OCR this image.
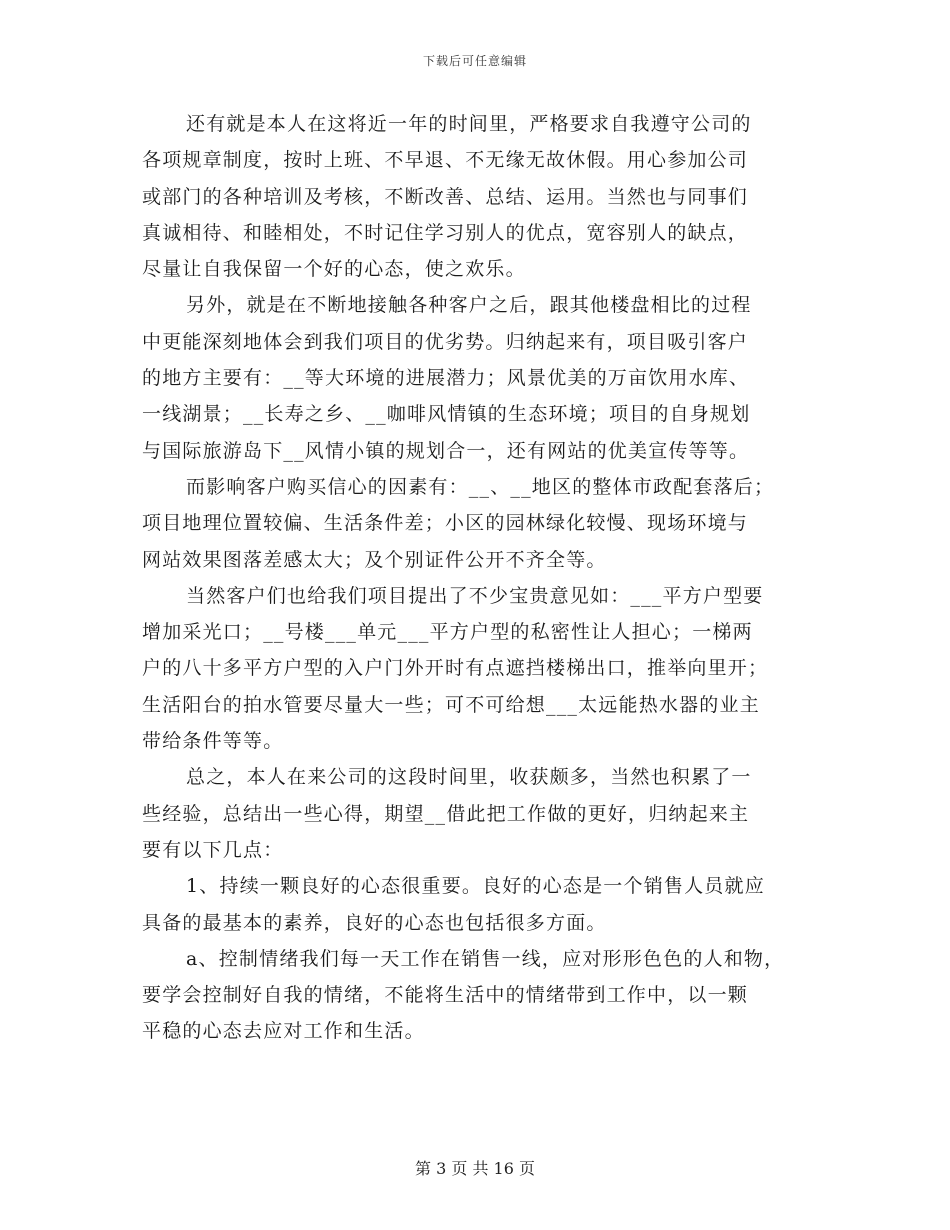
下载后可任意编辑

还有就是本人在这将近一年的时间里，严格要求自我遵守公司的
各项规章制度，按时上班、不早退、不无缘无故休假。用心参加公司
或部门的各种培训及考核，不断改善、总结、运用。当然也与同事们
真诚相待、和睦相处，不时记住学习别人的优点，宽容别人的缺点，
尽量让自我保留一个好的心态，使之欢乐。

另外，就是在不断地接触各种客户之后，跟其他楼盘相比的过程
中更能深刻地体会到我们项目的优劣势。归纳起来有，项目吸引客户
的地方主要有：__等大环境的进展潜力；风景优美的万亩饮用水库、
一线湖景；__长寿之乡、__咖啡风情镇的生态环境；项目的自身规划
与国际旅游岛下__风情小镇的规划合一，还有网站的优美宣传等等。

而影响客户购买信心的因素有：__、__地区的整体市政配套落后；
项目地理位置较偏、生活条件差；小区的园林绿化较慢、现场环境与
网站效果图落差感太大；及个别证件公开不齐全等。

当然客户们也给我们项目提出了不少宝贵意见如：___平方户型要
增加采光口；__号楼___单元___平方户型的私密性让人担心；一梯两
户的八十多平方户型的入户门外开时有点遮挡楼梯出口，推举向里开；
生活阳台的拍水管要尽量大一些；可不可给想___太远能热水器的业主
带给条件等等。

总之，本人在来公司的这段时间里，收获颇多，当然也积累了一
些经验，总结出一些心得，期望__借此把工作做的更好，归纳起来主
要有以下几点：

1、持续一颗良好的心态很重要。良好的心态是一个销售人员就应
具备的最基本的素养，良好的心态也包括很多方面。

a、控制情绪我们每一天工作在销售一线，应对形形色色的人和物，
要学会控制好自我的情绪，不能将生活中的情绪带到工作中，以一颗
平稳的心态去应对工作和生活。

第 3 页 共 16 页
